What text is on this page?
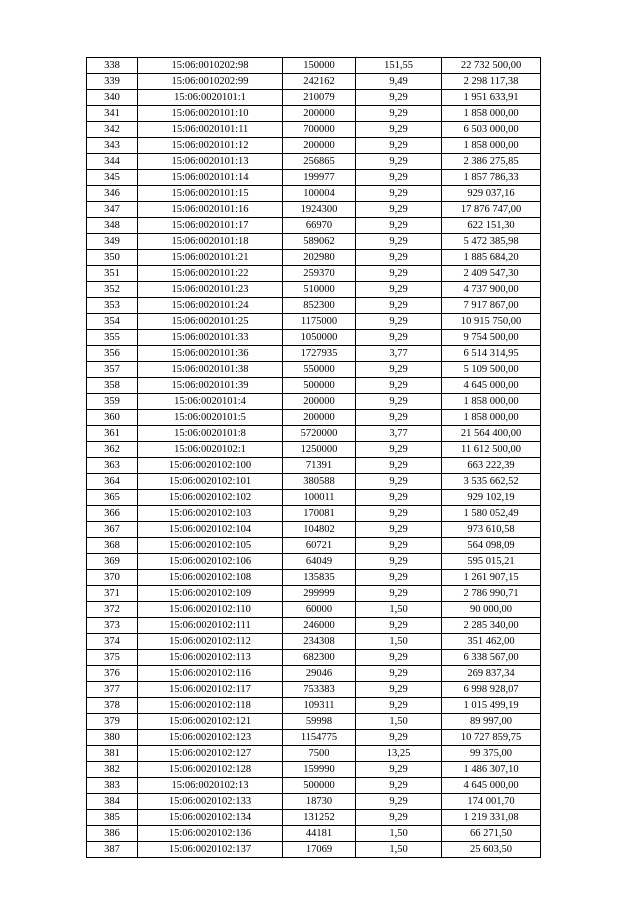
338	15:06:0010202:98	150000	151,55	22 732 500,00
339	15:06:0010202:99	242162	9,49	2 298 117,38
340	15:06:0020101:1	210079	9,29	1 951 633,91
341	15:06:0020101:10	200000	9,29	1 858 000,00
342	15:06:0020101:11	700000	9,29	6 503 000,00
343	15:06:0020101:12	200000	9,29	1 858 000,00
344	15:06:0020101:13	256865	9,29	2 386 275,85
345	15:06:0020101:14	199977	9,29	1 857 786,33
346	15:06:0020101:15	100004	9,29	929 037,16
347	15:06:0020101:16	1924300	9,29	17 876 747,00
348	15:06:0020101:17	66970	9,29	622 151,30
349	15:06:0020101:18	589062	9,29	5 472 385,98
350	15:06:0020101:21	202980	9,29	1 885 684,20
351	15:06:0020101:22	259370	9,29	2 409 547,30
352	15:06:0020101:23	510000	9,29	4 737 900,00
353	15:06:0020101:24	852300	9,29	7 917 867,00
354	15:06:0020101:25	1175000	9,29	10 915 750,00
355	15:06:0020101:33	1050000	9,29	9 754 500,00
356	15:06:0020101:36	1727935	3,77	6 514 314,95
357	15:06:0020101:38	550000	9,29	5 109 500,00
358	15:06:0020101:39	500000	9,29	4 645 000,00
359	15:06:0020101:4	200000	9,29	1 858 000,00
360	15:06:0020101:5	200000	9,29	1 858 000,00
361	15:06:0020101:8	5720000	3,77	21 564 400,00
362	15:06:0020102:1	1250000	9,29	11 612 500,00
363	15:06:0020102:100	71391	9,29	663 222,39
364	15:06:0020102:101	380588	9,29	3 535 662,52
365	15:06:0020102:102	100011	9,29	929 102,19
366	15:06:0020102:103	170081	9,29	1 580 052,49
367	15:06:0020102:104	104802	9,29	973 610,58
368	15:06:0020102:105	60721	9,29	564 098,09
369	15:06:0020102:106	64049	9,29	595 015,21
370	15:06:0020102:108	135835	9,29	1 261 907,15
371	15:06:0020102:109	299999	9,29	2 786 990,71
372	15:06:0020102:110	60000	1,50	90 000,00
373	15:06:0020102:111	246000	9,29	2 285 340,00
374	15:06:0020102:112	234308	1,50	351 462,00
375	15:06:0020102:113	682300	9,29	6 338 567,00
376	15:06:0020102:116	29046	9,29	269 837,34
377	15:06:0020102:117	753383	9,29	6 998 928,07
378	15:06:0020102:118	109311	9,29	1 015 499,19
379	15:06:0020102:121	59998	1,50	89 997,00
380	15:06:0020102:123	1154775	9,29	10 727 859,75
381	15:06:0020102:127	7500	13,25	99 375,00
382	15:06:0020102:128	159990	9,29	1 486 307,10
383	15:06:0020102:13	500000	9,29	4 645 000,00
384	15:06:0020102:133	18730	9,29	174 001,70
385	15:06:0020102:134	131252	9,29	1 219 331,08
386	15:06:0020102:136	44181	1,50	66 271,50
387	15:06:0020102:137	17069	1,50	25 603,50
